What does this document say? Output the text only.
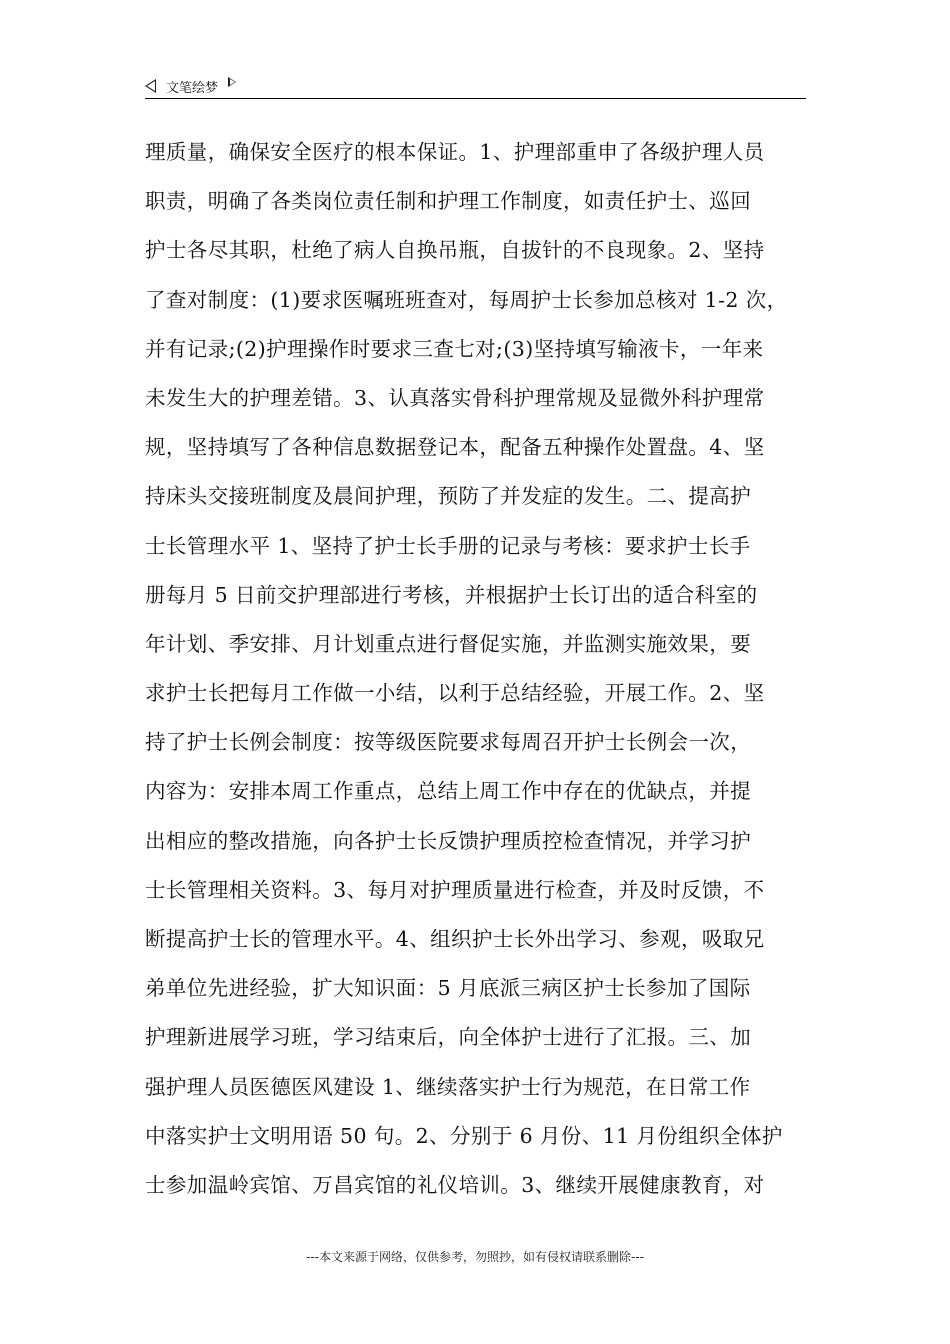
文笔绘梦
理质量，确保安全医疗的根本保证。1、护理部重申了各级护理人员
职责，明确了各类岗位责任制和护理工作制度，如责任护士、巡回
护士各尽其职，杜绝了病人自换吊瓶，自拔针的不良现象。2、坚持
了查对制度：(1)要求医嘱班班查对，每周护士长参加总核对 1-2 次，
并有记录;(2)护理操作时要求三查七对;(3)坚持填写输液卡，一年来
未发生大的护理差错。3、认真落实骨科护理常规及显微外科护理常
规，坚持填写了各种信息数据登记本，配备五种操作处置盘。4、坚
持床头交接班制度及晨间护理，预防了并发症的发生。二、提高护
士长管理水平 1、坚持了护士长手册的记录与考核：要求护士长手
册每月 5 日前交护理部进行考核，并根据护士长订出的适合科室的
年计划、季安排、月计划重点进行督促实施，并监测实施效果，要
求护士长把每月工作做一小结，以利于总结经验，开展工作。2、坚
持了护士长例会制度：按等级医院要求每周召开护士长例会一次，
内容为：安排本周工作重点，总结上周工作中存在的优缺点，并提
出相应的整改措施，向各护士长反馈护理质控检查情况，并学习护
士长管理相关资料。3、每月对护理质量进行检查，并及时反馈，不
断提高护士长的管理水平。4、组织护士长外出学习、参观，吸取兄
弟单位先进经验，扩大知识面：5 月底派三病区护士长参加了国际
护理新进展学习班，学习结束后，向全体护士进行了汇报。三、加
强护理人员医德医风建设 1、继续落实护士行为规范，在日常工作
中落实护士文明用语 50 句。2、分别于 6 月份、11 月份组织全体护
士参加温岭宾馆、万昌宾馆的礼仪培训。3、继续开展健康教育，对
---本文来源于网络，仅供参考，勿照抄，如有侵权请联系删除---
